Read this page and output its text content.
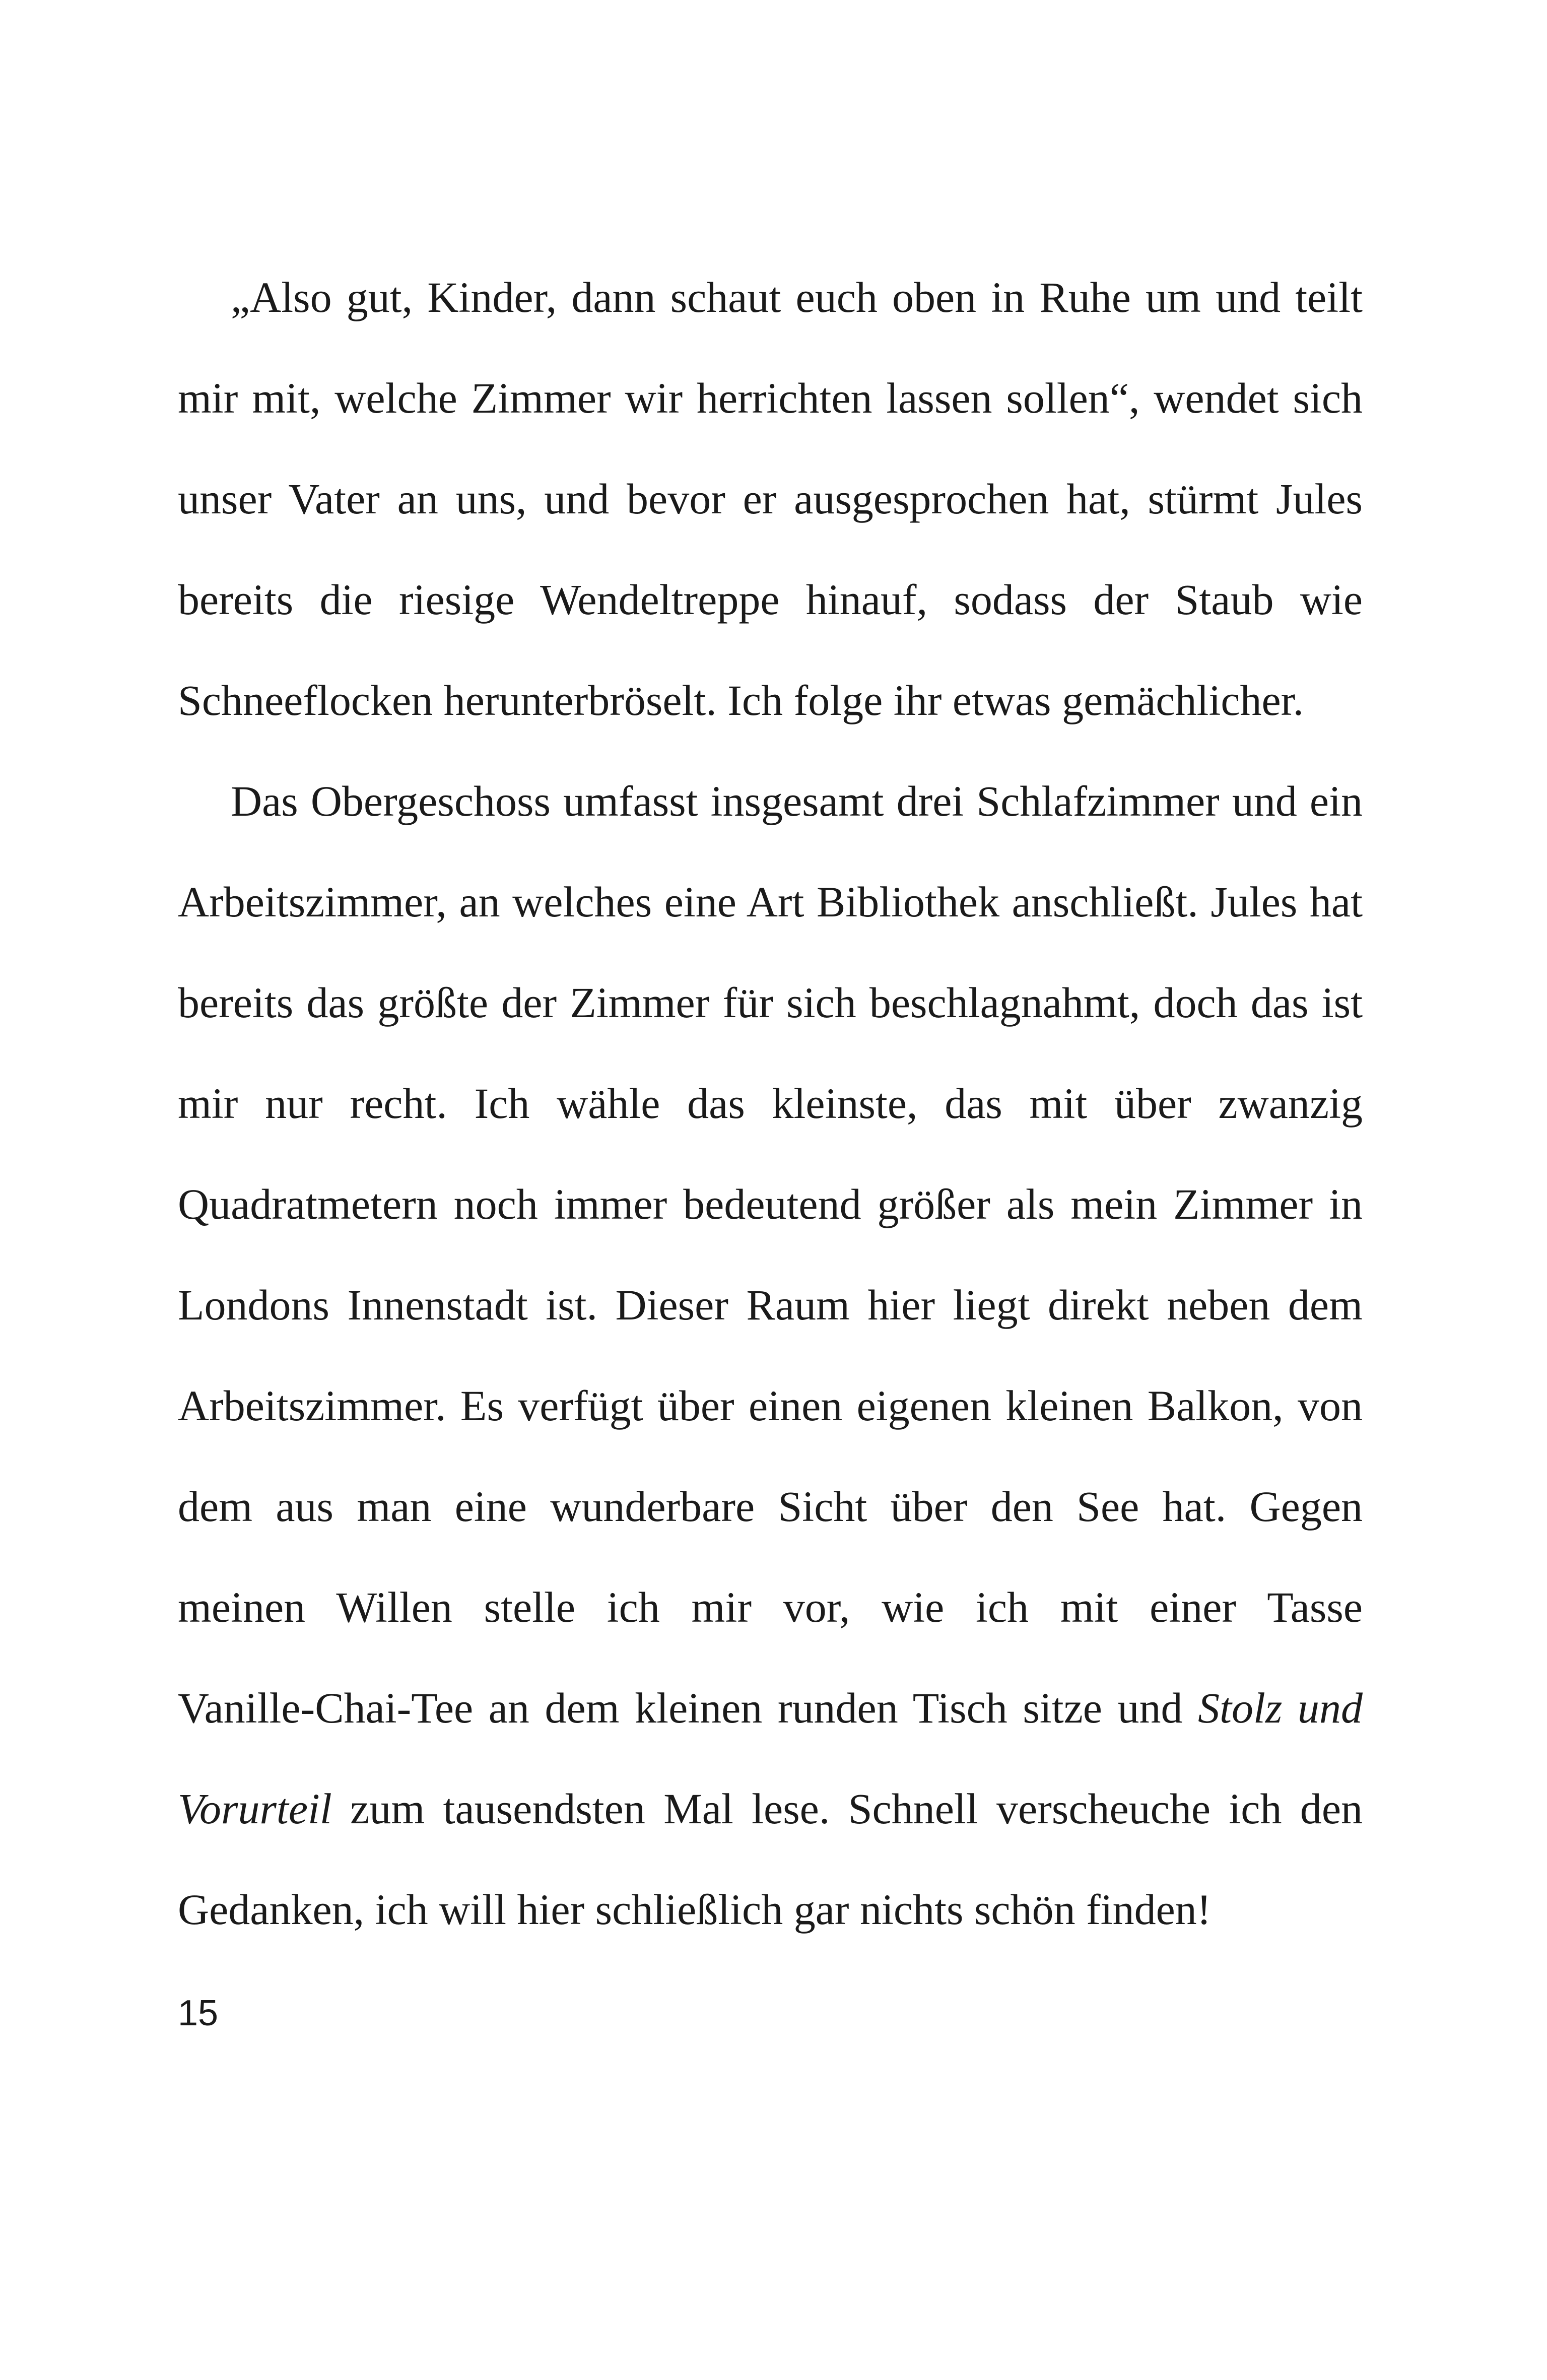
„Also gut, Kinder, dann schaut euch oben in Ruhe um und teilt
mir mit, welche Zimmer wir herrichten lassen sollen“, wendet sich
unser Vater an uns, und bevor er ausgesprochen hat, stürmt Jules
bereits die riesige Wendeltreppe hinauf, sodass der Staub wie
Schneeflocken herunterbröselt. Ich folge ihr etwas gemächlicher.
Das Obergeschoss umfasst insgesamt drei Schlafzimmer und ein
Arbeitszimmer, an welches eine Art Bibliothek anschließt. Jules hat
bereits das größte der Zimmer für sich beschlagnahmt, doch das ist
mir nur recht. Ich wähle das kleinste, das mit über zwanzig
Quadratmetern noch immer bedeutend größer als mein Zimmer in
Londons Innenstadt ist. Dieser Raum hier liegt direkt neben dem
Arbeitszimmer. Es verfügt über einen eigenen kleinen Balkon, von
dem aus man eine wunderbare Sicht über den See hat. Gegen
meinen Willen stelle ich mir vor, wie ich mit einer Tasse
Vanille-Chai-Tee an dem kleinen runden Tisch sitze und Stolz und
Vorurteil zum tausendsten Mal lese. Schnell verscheuche ich den
Gedanken, ich will hier schließlich gar nichts schön finden!
15
